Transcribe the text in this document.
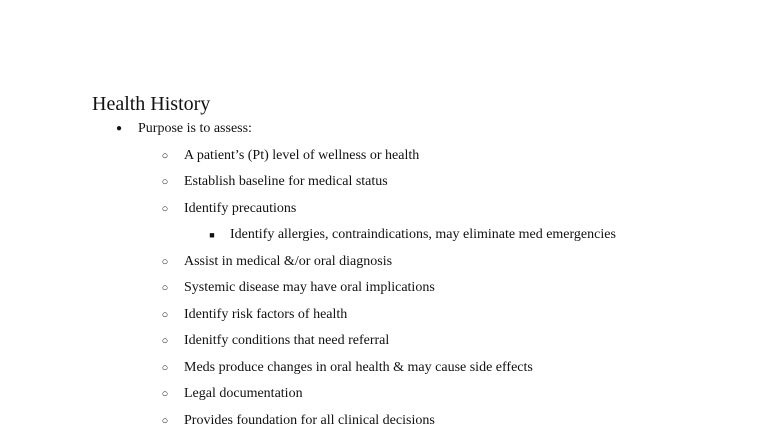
Health History
● Purpose is to assess:
○ A patient’s (Pt) level of wellness or health
○ Establish baseline for medical status
○ Identify precautions
■ Identify allergies, contraindications, may eliminate med emergencies
○ Assist in medical &/or oral diagnosis
○ Systemic disease may have oral implications
○ Identify risk factors of health
○ Idenitfy conditions that need referral
○ Meds produce changes in oral health & may cause side effects
○ Legal documentation
○ Provides foundation for all clinical decisions
